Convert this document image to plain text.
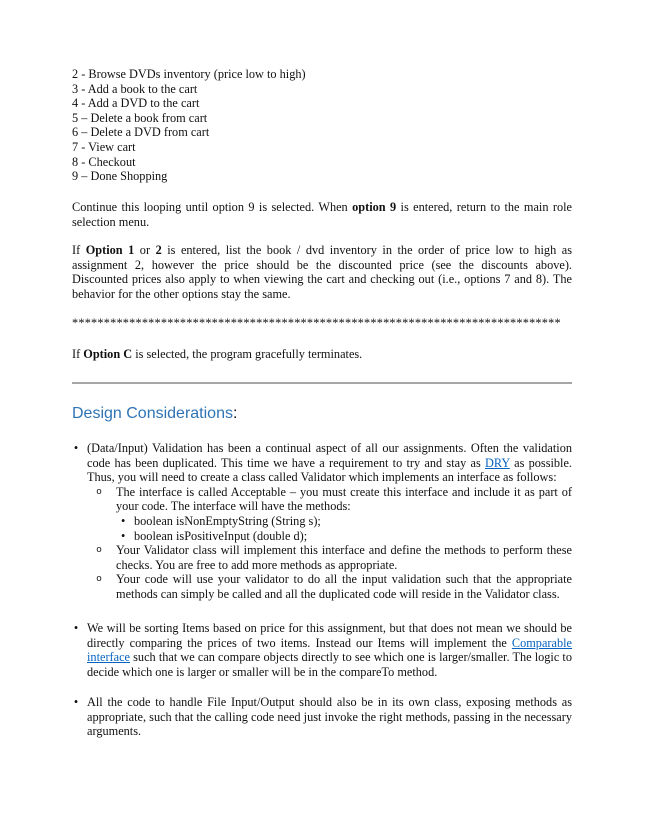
2 - Browse DVDs inventory (price low to high)
3 - Add a book to the cart
4 - Add a DVD to the cart
5 – Delete a book from cart
6 – Delete a DVD from cart
7 - View cart
8 - Checkout
9 – Done Shopping
Continue this looping until option 9 is selected. When option 9 is entered, return to the main role selection menu.
If Option 1 or 2 is entered, list the book / dvd inventory in the order of price low to high as assignment 2, however the price should be the discounted price (see the discounts above). Discounted prices also apply to when viewing the cart and checking out (i.e., options 7 and 8). The behavior for the other options stay the same.
*****************************************************************************
If Option C is selected, the program gracefully terminates.
Design Considerations:
• (Data/Input) Validation has been a continual aspect of all our assignments. Often the validation code has been duplicated. This time we have a requirement to try and stay as DRY as possible. Thus, you will need to create a class called Validator which implements an interface as follows:
o The interface is called Acceptable – you must create this interface and include it as part of your code. The interface will have the methods:
• boolean isNonEmptyString (String s);
• boolean isPositiveInput (double d);
o Your Validator class will implement this interface and define the methods to perform these checks. You are free to add more methods as appropriate.
o Your code will use your validator to do all the input validation such that the appropriate methods can simply be called and all the duplicated code will reside in the Validator class.
• We will be sorting Items based on price for this assignment, but that does not mean we should be directly comparing the prices of two items. Instead our Items will implement the Comparable interface such that we can compare objects directly to see which one is larger/smaller. The logic to decide which one is larger or smaller will be in the compareTo method.
• All the code to handle File Input/Output should also be in its own class, exposing methods as appropriate, such that the calling code need just invoke the right methods, passing in the necessary arguments.
